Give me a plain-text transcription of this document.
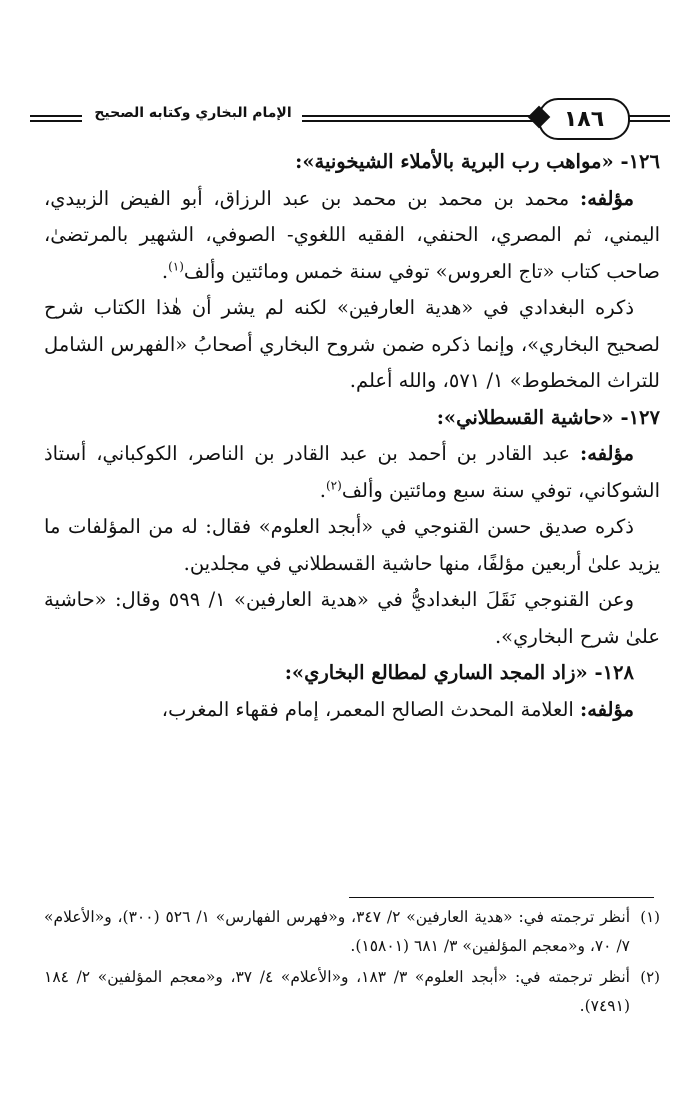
الإمام البخاري وكتابه الصحيح	١٨٦

١٢٦- «مواهب رب البرية بالأملاء الشيخونية»:

مؤلفه: محمد بن محمد بن محمد بن عبد الرزاق، أبو الفيض الزبيدي، اليمني، ثم المصري، الحنفي، الفقيه اللغوي- الصوفي، الشهير بالمرتضىٰ، صاحب كتاب «تاج العروس» توفي سنة خمس ومائتين وألف$^{(١)}$.

ذكره البغدادي في «هدية العارفين» لكنه لم يشر أن هٰذا الكتاب شرح لصحيح البخاري»، وإنما ذكره ضمن شروح البخاري أصحابُ «الفهرس الشامل للتراث المخطوط» ١/ ٥٧١، والله أعلم.

١٢٧- «حاشية القسطلاني»:

مؤلفه: عبد القادر بن أحمد بن عبد القادر بن الناصر، الكوكباني، أستاذ الشوكاني، توفي سنة سبع ومائتين وألف$^{(٢)}$.

ذكره صديق حسن القنوجي في «أبجد العلوم» فقال: له من المؤلفات ما يزيد علىٰ أربعين مؤلفًا، منها حاشية القسطلاني في مجلدين.

وعن القنوجي نَقَلَ البغداديُّ في «هدية العارفين» ١/ ٥٩٩ وقال: «حاشية علىٰ شرح البخاري».

١٢٨- «زاد المجد الساري لمطالع البخاري»:

مؤلفه: العلامة المحدث الصالح المعمر، إمام فقهاء المغرب،

(١)
أنظر ترجمته في: «هدية العارفين» ٢/ ٣٤٧، و«فهرس الفهارس» ١/ ٥٢٦ (٣٠٠)، و«الأعلام» ٧/ ٧٠، و«معجم المؤلفين» ٣/ ٦٨١ (١٥٨٠١).
(٢)
أنظر ترجمته في: «أبجد العلوم» ٣/ ١٨٣، و«الأعلام» ٤/ ٣٧، و«معجم المؤلفين» ٢/ ١٨٤ (٧٤٩١).
